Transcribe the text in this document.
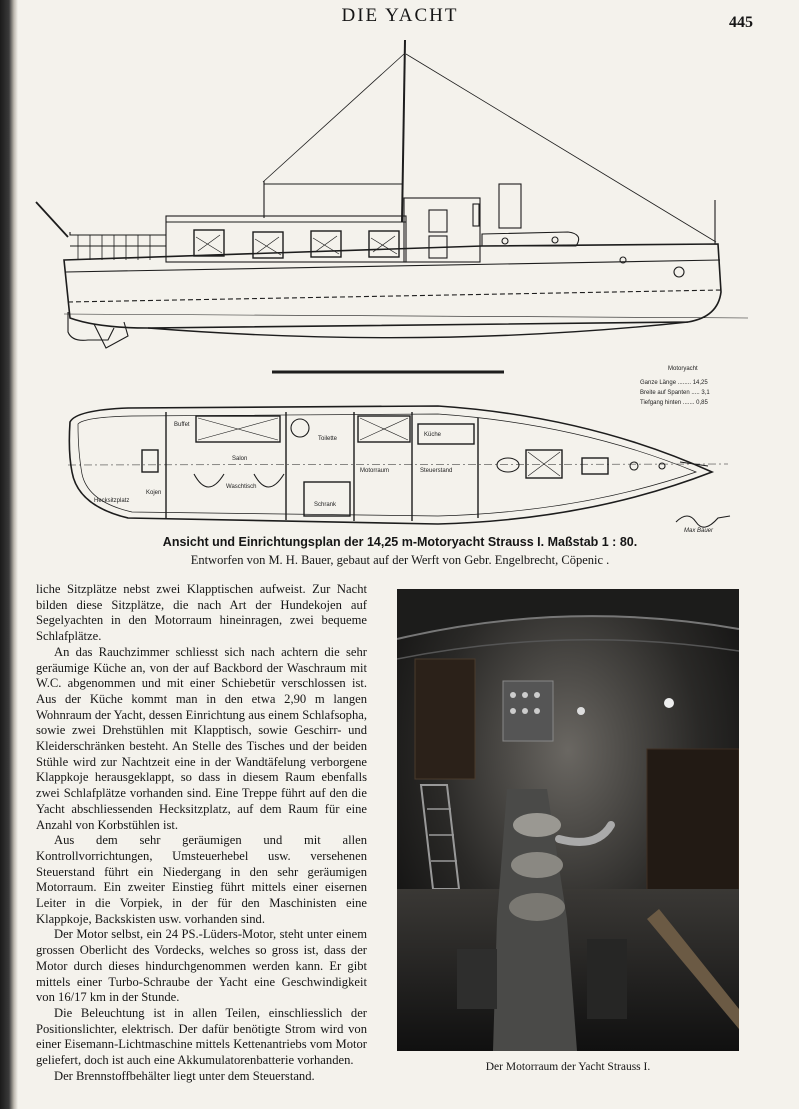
DIE YACHT	445
Motoryacht
Ganze Länge ........ 14,25
Breite auf Spanten ..... 3,1
Tiefgang hinten ....... 0,85
Salon
Toilette
Motorraum
Küche
Steuerstand
Hecksitzplatz
Kojen
Buffet
Waschtisch
Schrank
Max Bauer
Ansicht und Einrichtungsplan der 14,25 m-Motoryacht Strauss I. Maßstab 1 : 80.
Entworfen von M. H. Bauer, gebaut auf der Werft von Gebr. Engelbrecht, Cöpenic .

liche Sitzplätze nebst zwei Klapptischen aufweist. Zur Nacht bilden diese Sitzplätze, die nach Art der Hundekojen auf Segelyachten in den Motorraum hineinragen, zwei bequeme Schlafplätze.

An das Rauchzimmer schliesst sich nach achtern die sehr geräumige Küche an, von der auf Backbord der Waschraum mit W.C. abgenommen und mit einer Schiebetür verschlossen ist. Aus der Küche kommt man in den etwa 2,90 m langen Wohnraum der Yacht, dessen Einrichtung aus einem Schlafsopha, sowie zwei Drehstühlen mit Klapptisch, sowie Geschirr- und Kleiderschränken besteht. An Stelle des Tisches und der beiden Stühle wird zur Nachtzeit eine in der Wandtäfelung verborgene Klappkoje herausgeklappt, so dass in diesem Raum ebenfalls zwei Schlafplätze vorhanden sind. Eine Treppe führt auf den die Yacht abschliessenden Hecksitzplatz, auf dem Raum für eine Anzahl von Korbstühlen ist.

Aus dem sehr geräumigen und mit allen Kontrollvorrichtungen, Umsteuerhebel usw. versehenen Steuerstand führt ein Niedergang in den sehr geräumigen Motorraum. Ein zweiter Einstieg führt mittels einer eisernen Leiter in die Vorpiek, in der für den Maschinisten eine Klappkoje, Backskisten usw. vorhanden sind.

Der Motor selbst, ein 24 PS.-Lüders-Motor, steht unter einem grossen Oberlicht des Vordecks, welches so gross ist, dass der Motor durch dieses hindurchgenommen werden kann. Er gibt mittels einer Turbo-Schraube der Yacht eine Geschwindigkeit von 16/17 km in der Stunde.

Die Beleuchtung ist in allen Teilen, einschliesslich der Positionslichter, elektrisch. Der dafür benötigte Strom wird von einer Eisemann-Lichtmaschine mittels Kettenantriebs vom Motor geliefert, doch ist auch eine Akkumulatorenbatterie vorhanden.

Der Brennstoffbehälter liegt unter dem Steuerstand.

Der Motorraum der Yacht Strauss I.
